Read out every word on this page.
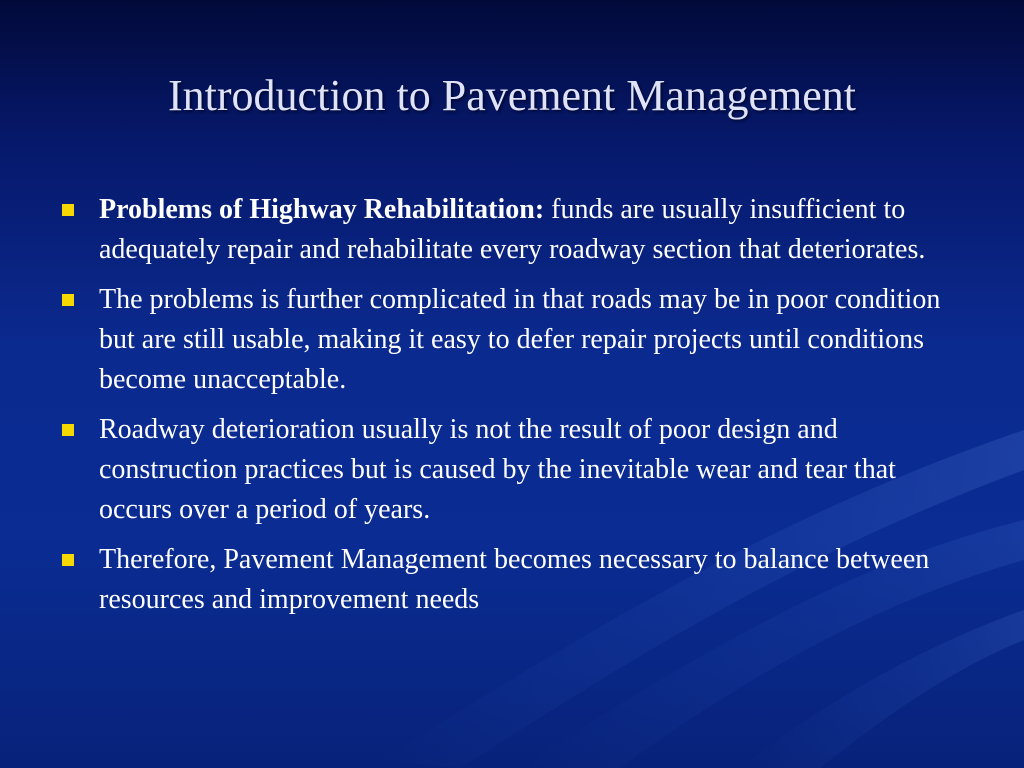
Introduction to Pavement Management
Problems of Highway Rehabilitation: funds are usually insufficient to adequately repair and rehabilitate every roadway section that deteriorates.
The problems is further complicated in that roads may be in poor condition but are still usable, making it easy to defer repair projects until conditions become unacceptable.
Roadway deterioration usually is not the result of poor design and construction practices but is caused by the inevitable wear and tear that occurs over a period of years.
Therefore, Pavement Management becomes necessary to balance between resources and improvement needs
